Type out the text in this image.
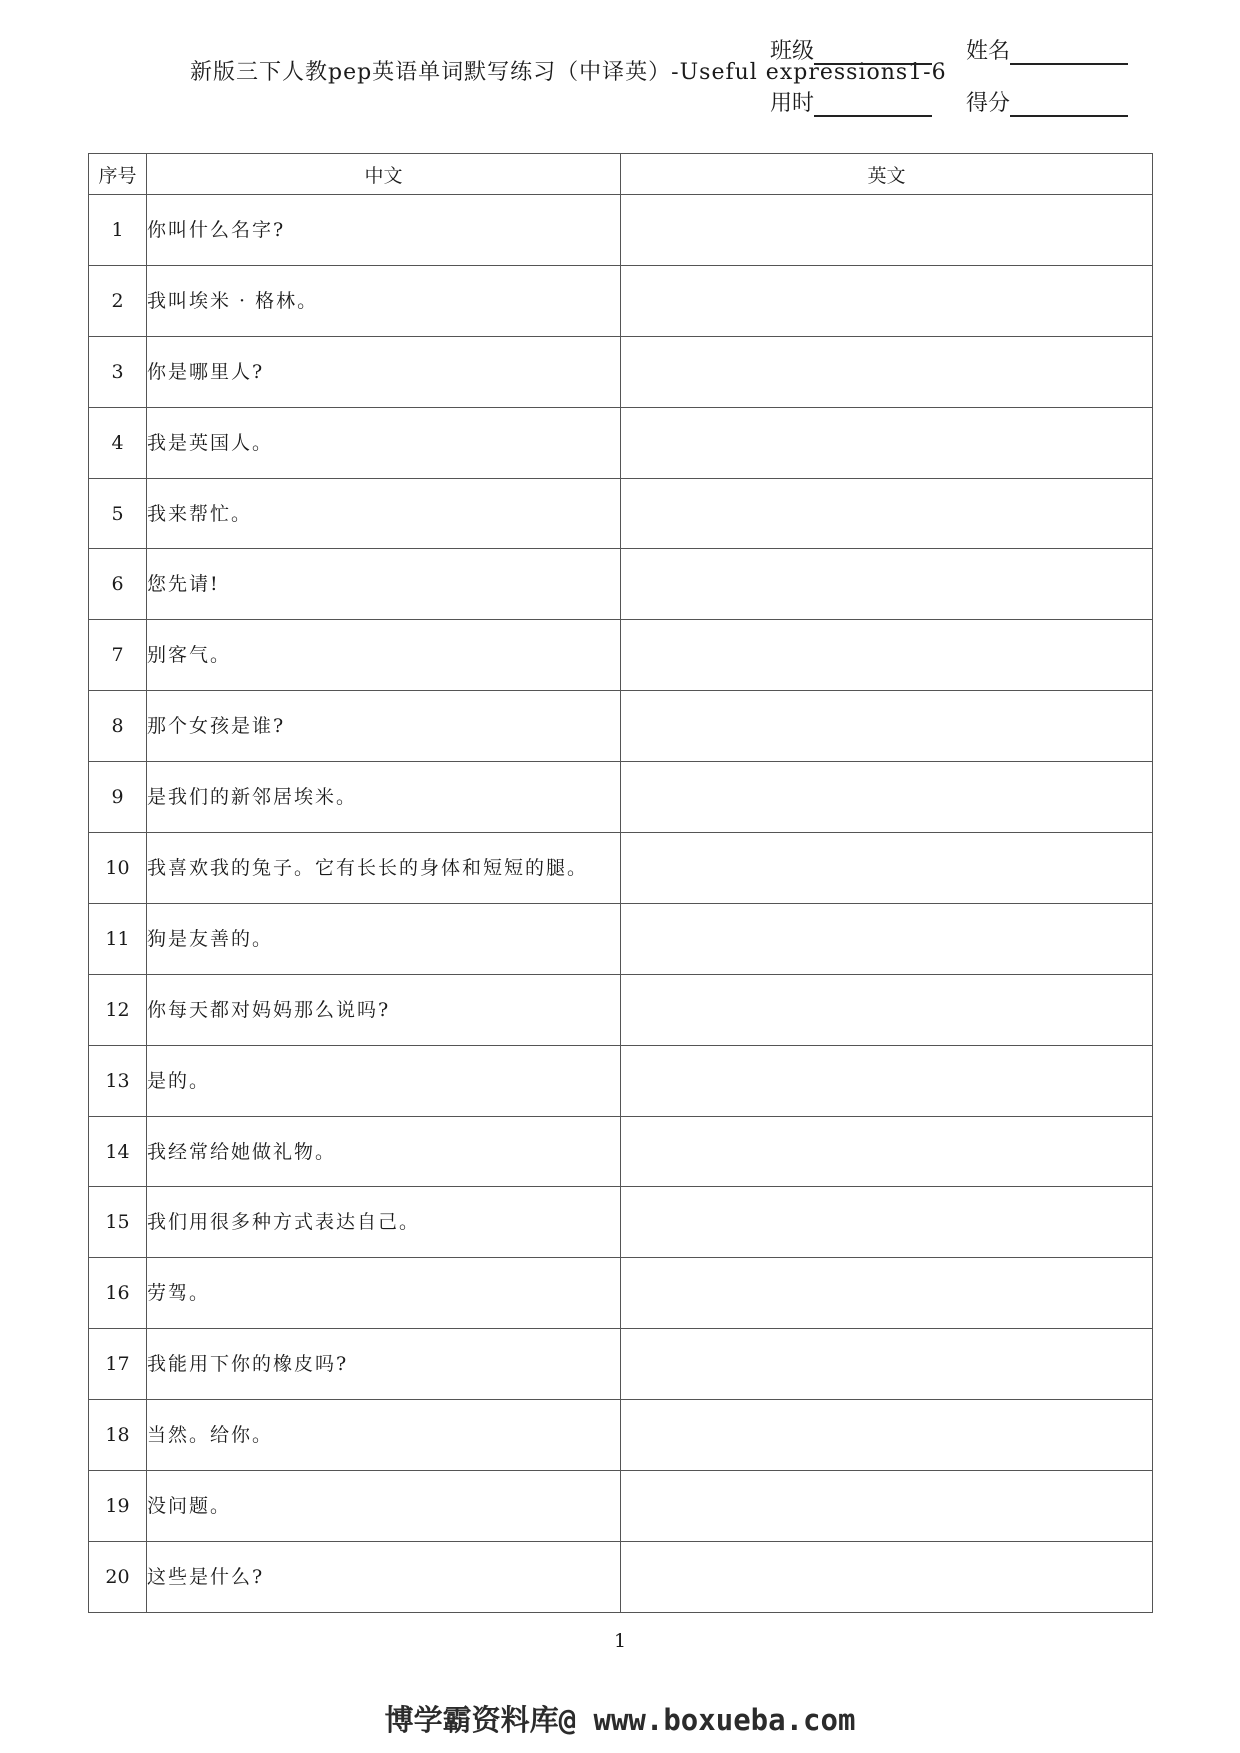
新版三下人教pep英语单词默写练习（中译英）-Useful expressions1-6
班级	姓名
用时	得分
序号	中文	英文
1	你叫什么名字?	
2	我叫埃米 · 格林。	
3	你是哪里人?	
4	我是英国人。	
5	我来帮忙。	
6	您先请!	
7	别客气。	
8	那个女孩是谁?	
9	是我们的新邻居埃米。	
10	我喜欢我的兔子。它有长长的身体和短短的腿。	
11	狗是友善的。	
12	你每天都对妈妈那么说吗?	
13	是的。	
14	我经常给她做礼物。	
15	我们用很多种方式表达自己。	
16	劳驾。	
17	我能用下你的橡皮吗?	
18	当然。给你。	
19	没问题。	
20	这些是什么?	
1
博学霸资料库@ www.boxueba.com
